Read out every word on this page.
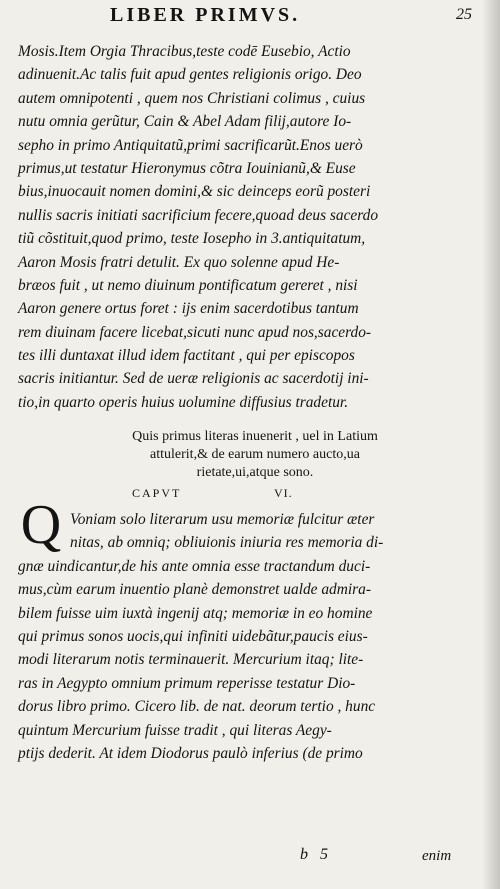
LIBER PRIMVS.	25
Mosis.Item Orgia Thracibus,teste codē Eusebio, Actio
adinuenit.Ac talis fuit apud gentes religionis origo. Deo
autem omnipotenti , quem nos Christiani colimus , cuius
nutu omnia gerũtur, Cain & Abel Adam filij,autore Io-
sepho in primo Antiquitatũ,primi sacrificarũt.Enos uerò
primus,ut testatur Hieronymus cõtra Iouinianũ,& Euse
bius,inuocauit nomen domini,& sic deinceps eorũ posteri
nullis sacris initiati sacrificium fecere,quoad deus sacerdo
tiũ cõstituit,quod primo, teste Iosepho in 3.antiquitatum,
Aaron Mosis fratri detulit. Ex quo solenne apud He-
bræos fuit , ut nemo diuinum pontificatum gereret , nisi
Aaron genere ortus foret : ijs enim sacerdotibus tantum
rem diuinam facere licebat,sicuti nunc apud nos,sacerdo-
tes illi duntaxat illud idem factitant , qui per episcopos
sacris initiantur. Sed de ueræ religionis ac sacerdotij ini-
tio,in quarto operis huius uolumine diffusius tradetur.
Quis primus literas inuenerit , uel in Latium
attulerit,& de earum numero aucto,ua
rietate,ui,atque sono.
CAPVT	VI.
Q Voniam solo literarum usu memoriæ fulcitur æter
nitas, ab omniq; obliuionis iniuria res memoria di-
gnæ uindicantur,de his ante omnia esse tractandum duci-
mus,cùm earum inuentio planè demonstret ualde admira-
bilem fuisse uim iuxtà ingenij atq; memoriæ in eo homine
qui primus sonos uocis,qui infiniti uidebãtur,paucis eius-
modi literarum notis terminauerit. Mercurium itaq; lite-
ras in Aegypto omnium primum reperisse testatur Dio-
dorus libro primo. Cicero lib. de nat. deorum tertio , hunc
quintum Mercurium fuisse tradit , qui literas Aegy-
ptijs dederit. At idem Diodorus paulò inferius (de primo
b 5	enim
